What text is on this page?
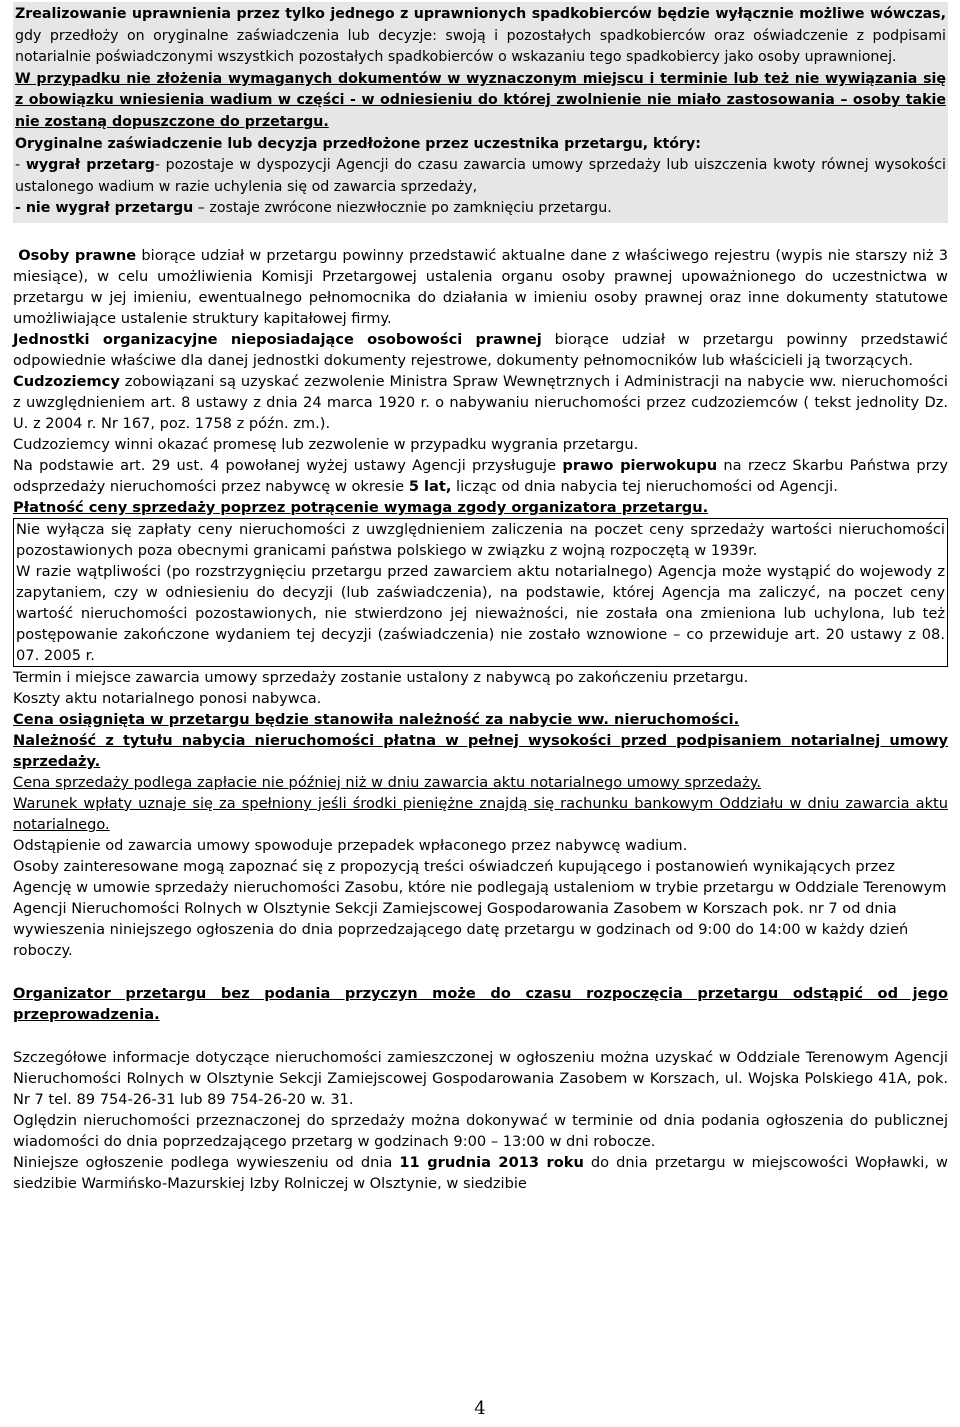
Zrealizowanie uprawnienia przez tylko jednego z uprawnionych spadkobierców będzie wyłącznie możliwe wówczas, gdy przedłoży on oryginalne zaświadczenia lub decyzje: swoją i pozostałych spadkobierców oraz oświadczenie z podpisami notarialnie poświadczonymi wszystkich pozostałych spadkobierców o wskazaniu tego spadkobiercy jako osoby uprawnionej.

W przypadku nie złożenia wymaganych dokumentów w wyznaczonym miejscu i terminie lub też nie wywiązania się z obowiązku wniesienia wadium w części - w odniesieniu do której zwolnienie nie miało zastosowania – osoby takie nie zostaną dopuszczone do przetargu.

Oryginalne zaświadczenie lub decyzja przedłożone przez uczestnika przetargu, który:

- wygrał przetarg- pozostaje w dyspozycji Agencji do czasu zawarcia umowy sprzedaży lub uiszczenia kwoty równej wysokości ustalonego wadium w razie uchylenia się od zawarcia sprzedaży,

- nie wygrał przetargu – zostaje zwrócone niezwłocznie po zamknięciu przetargu.

Osoby prawne biorące udział w przetargu powinny przedstawić aktualne dane z właściwego rejestru (wypis nie starszy niż 3 miesiące), w celu umożliwienia Komisji Przetargowej ustalenia organu osoby prawnej upoważnionego do uczestnictwa w przetargu w jej imieniu, ewentualnego pełnomocnika do działania w imieniu osoby prawnej oraz inne dokumenty statutowe umożliwiające ustalenie struktury kapitałowej firmy.

Jednostki organizacyjne nieposiadające osobowości prawnej biorące udział w przetargu powinny przedstawić odpowiednie właściwe dla danej jednostki dokumenty rejestrowe, dokumenty pełnomocników lub właścicieli ją tworzących.

Cudzoziemcy zobowiązani są uzyskać zezwolenie Ministra Spraw Wewnętrznych i Administracji na nabycie ww. nieruchomości z uwzględnieniem art. 8 ustawy z dnia 24 marca 1920 r. o nabywaniu nieruchomości przez cudzoziemców ( tekst jednolity Dz. U. z 2004 r. Nr 167, poz. 1758 z późn. zm.).

Cudzoziemcy winni okazać promesę lub zezwolenie w przypadku wygrania przetargu.

Na podstawie art. 29 ust. 4 powołanej wyżej ustawy Agencji przysługuje prawo pierwokupu na rzecz Skarbu Państwa przy odsprzedaży nieruchomości przez nabywcę w okresie 5 lat, licząc od dnia nabycia tej nieruchomości od Agencji.

Płatność ceny sprzedaży poprzez potrącenie wymaga zgody organizatora przetargu.

Nie wyłącza się zapłaty ceny nieruchomości z uwzględnieniem zaliczenia na poczet ceny sprzedaży wartości nieruchomości pozostawionych poza obecnymi granicami państwa polskiego w związku z wojną rozpoczętą w 1939r.

W razie wątpliwości (po rozstrzygnięciu przetargu przed zawarciem aktu notarialnego) Agencja może wystąpić do wojewody z zapytaniem, czy w odniesieniu do decyzji (lub zaświadczenia), na podstawie, której Agencja ma zaliczyć, na poczet ceny wartość nieruchomości pozostawionych, nie stwierdzono jej nieważności, nie została ona zmieniona lub uchylona, lub też postępowanie zakończone wydaniem tej decyzji (zaświadczenia) nie zostało wznowione – co przewiduje art. 20 ustawy z 08. 07. 2005 r.

Termin i miejsce zawarcia umowy sprzedaży zostanie ustalony z nabywcą po zakończeniu przetargu.

Koszty aktu notarialnego ponosi nabywca.

Cena osiągnięta w przetargu będzie stanowiła należność za nabycie ww. nieruchomości.

Należność z tytułu nabycia nieruchomości płatna w pełnej wysokości przed podpisaniem notarialnej umowy sprzedaży.

Cena sprzedaży podlega zapłacie nie później niż w dniu zawarcia aktu notarialnego umowy sprzedaży.

Warunek wpłaty uznaje się za spełniony jeśli środki pieniężne znajdą się rachunku bankowym Oddziału w dniu zawarcia aktu notarialnego.

Odstąpienie od zawarcia umowy spowoduje przepadek wpłaconego przez nabywcę wadium.

Osoby zainteresowane mogą zapoznać się z propozycją treści oświadczeń kupującego i postanowień wynikających przez Agencję w umowie sprzedaży nieruchomości Zasobu, które nie podlegają ustaleniom w trybie przetargu w Oddziale Terenowym Agencji Nieruchomości Rolnych w Olsztynie Sekcji Zamiejscowej Gospodarowania Zasobem w Korszach pok. nr 7 od dnia wywieszenia niniejszego ogłoszenia do dnia poprzedzającego datę przetargu w godzinach od 9:00 do 14:00 w każdy dzień roboczy.

Organizator przetargu bez podania przyczyn może do czasu rozpoczęcia przetargu odstąpić od jego przeprowadzenia.

Szczegółowe informacje dotyczące nieruchomości zamieszczonej w ogłoszeniu można uzyskać w Oddziale Terenowym Agencji Nieruchomości Rolnych w Olsztynie Sekcji Zamiejscowej Gospodarowania Zasobem w Korszach, ul. Wojska Polskiego 41A, pok. Nr 7 tel. 89 754-26-31 lub 89 754-26-20 w. 31.

Oględzin nieruchomości przeznaczonej do sprzedaży można dokonywać w terminie od dnia podania ogłoszenia do publicznej wiadomości do dnia poprzedzającego przetarg w godzinach 9:00 – 13:00 w dni robocze.

Niniejsze ogłoszenie podlega wywieszeniu od dnia 11 grudnia 2013 roku do dnia przetargu w miejscowości Wopławki, w siedzibie Warmińsko-Mazurskiej Izby Rolniczej w Olsztynie, w siedzibie

4
